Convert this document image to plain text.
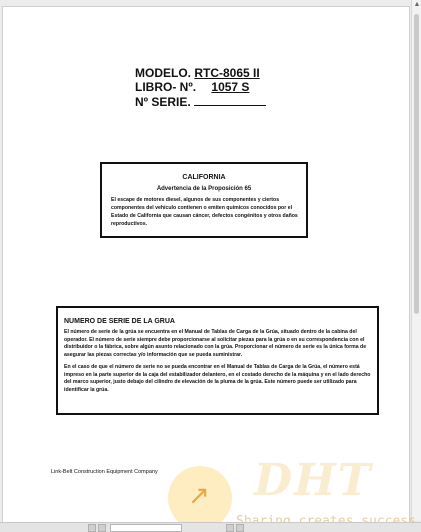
▲
MODELO. RTC-8065 II
LIBRO- Nº. 1057 S
Nº SERIE.
CALIFORNIA
Advertencia de la Proposición 65
El escape de motores diesel, algunos de sus componentes y ciertos componentes del vehículo contienen o emiten químicos conocidos por el Estado de California que causan cáncer, defectos congénitos y otros daños reproductivos.
NUMERO DE SERIE DE LA GRUA
El número de serie de la grúa se encuentra en el Manual de Tablas de Carga de la Grúa, situado dentro de la cabina del operador. El número de serie siempre debe proporcionarse al solicitar piezas para la grúa o en su correspondencia con el distribuidor o la fábrica, sobre algún asunto relacionado con la grúa. Proporcionar el número de serie es la única forma de asegurar las piezas correctas y/o información que se pueda suministrar.
En el caso de que el número de serie no se pueda encontrar en el Manual de Tablas de Carga de la Grúa, el número está impreso en la parte superior de la caja del estabilizador delantero, en el costado derecho de la máquina y en el lado derecho del marco superior, justo debajo del cilindro de elevación de la pluma de la grúa. Este número puede ser utilizado para identificar la grúa.
Link-Belt Construction Equipment Company
↗ DHT
